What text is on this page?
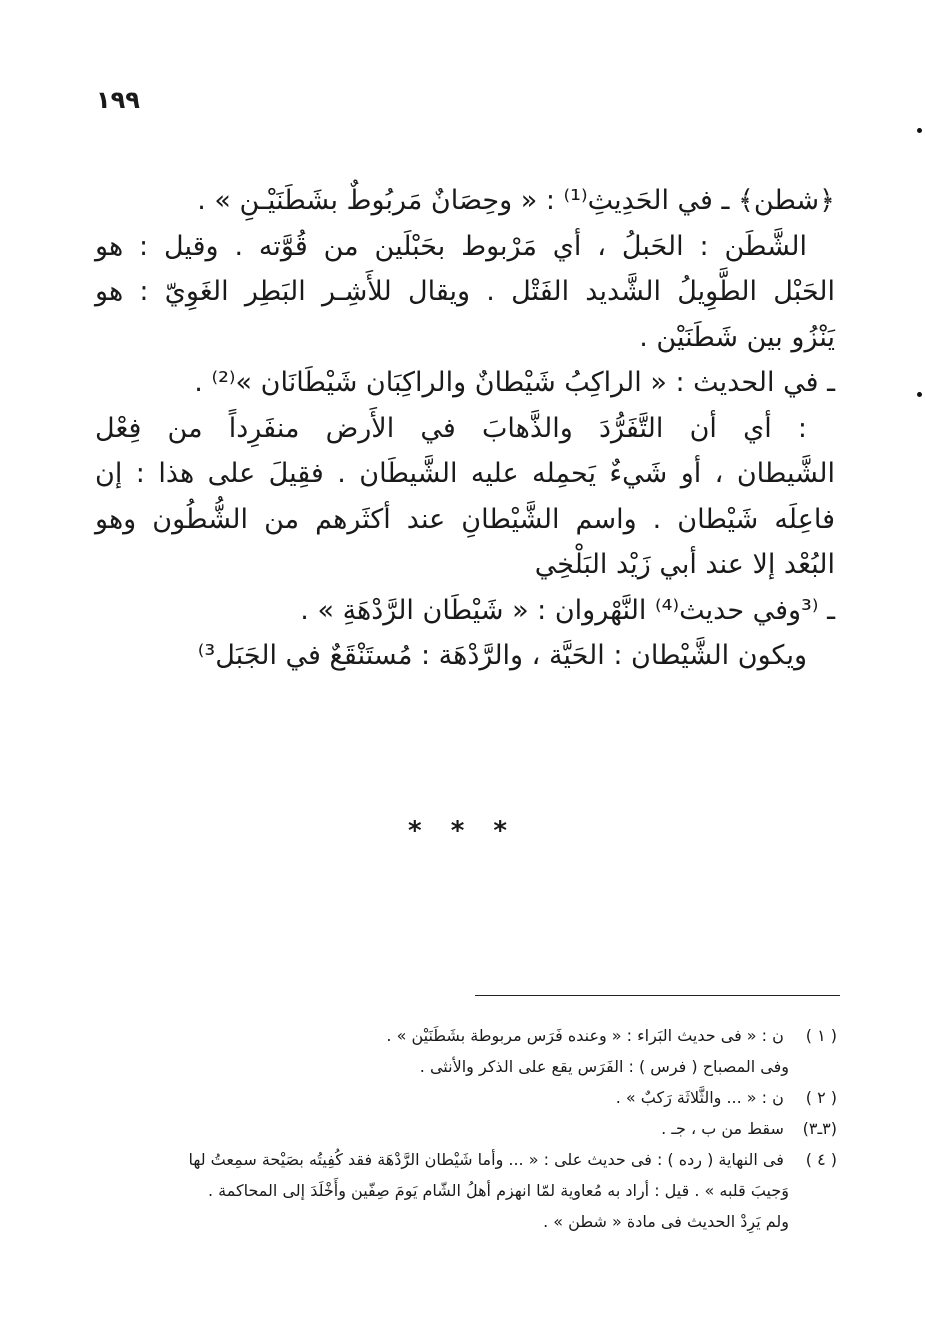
١٩٩
﴿شطن﴾ ـ في الحَدِيثِ⁽¹⁾ : « وحِصَانٌ مَربُوطٌ بشَطَنَيْـنِ » .
الشَّطَن : الحَبلُ ، أي مَرْبوط بحَبْلَين من قُوَّته . وقيل : هو
الحَبْل الطَّوِيلُ الشَّديد الفَتْل . ويقال للأَشِـر البَطِر الغَوِيّ : هو
يَنْزُو بين شَطَنَيْن .
ـ في الحديث : « الراكِبُ شَيْطانٌ والراكِبَان شَيْطَانَان »⁽²⁾ .
: أي أن التَّفَرُّدَ والذَّهابَ في الأَرض منفَرِداً من فِعْل
الشَّيطان ، أو شَيءٌ يَحمِله عليه الشَّيطَان . فقِيلَ على هذا : إن
فاعِلَه شَيْطان . واسم الشَّيْطانِ عند أكثَرهم من الشُّطُون وهو
البُعْد إلا عند أبي زَيْد البَلْخِي
ـ ⁽³وفي حديث⁽⁴⁾ النَّهْروان : « شَيْطَان الرَّدْهَةِ » .
ويكون الشَّيْطان : الحَيَّة ، والرَّدْهَة : مُستَنْقَعٌ في الجَبَل³⁾
* * *
( ١ ) ن : « فى حديث البَراء : « وعنده فَرَس مربوطة بشَطَنَيْن » .
وفى المصباح ( فرس ) : الفَرَس يقع على الذكر والأنثى .
( ٢ ) ن : « ... والثَّلاثَة رَكبٌ » .
(٣ـ٣) سقط من ب ، جـ .
( ٤ ) فى النهاية ( رده ) : فى حديث على : « ... وأما شَيْطان الرَّدْهَة فقد كُفِيتُه بصَيْحة سمِعتُ لها
وَجيبَ قلبه » . قيل : أراد به مُعاوية لمّا انهزم أهلُ الشّام يَومَ صِفّين وأَخْلَدَ إلى المحاكمة .
ولم يَرِدْ الحديث فى مادة « شطن » .
